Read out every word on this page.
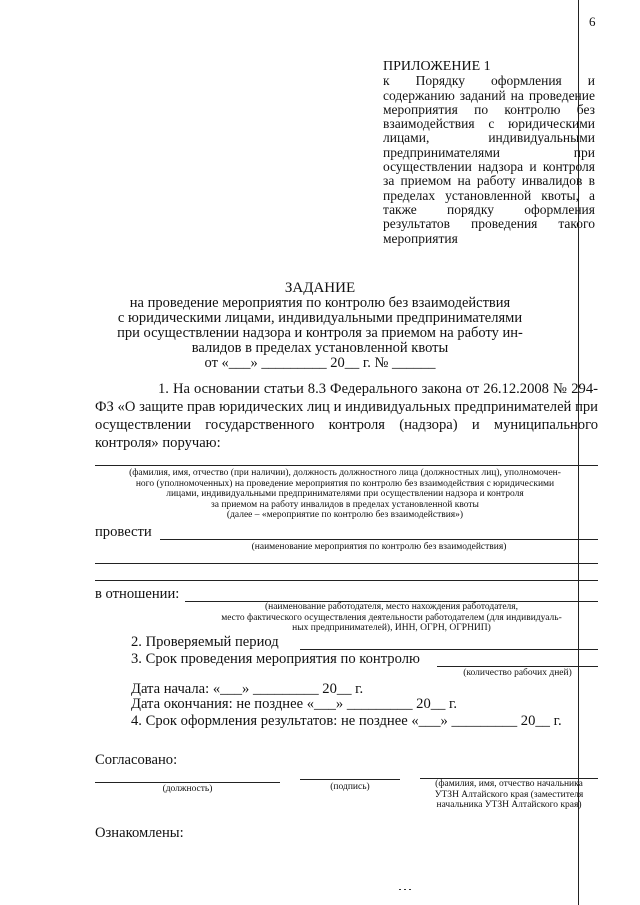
6
ПРИЛОЖЕНИЕ 1
к Порядку оформления и содержанию заданий на проведение мероприятия по контролю без взаимодействия с юридическими лицами, индивидуальными предпринимателями при осуществлении надзора и контроля за приемом на работу инвалидов в пределах установленной квоты, а также порядку оформления результатов проведения такого мероприятия
ЗАДАНИЕ
на проведение мероприятия по контролю без взаимодействия
с юридическими лицами, индивидуальными предпринимателями
при осуществлении надзора и контроля за приемом на работу ин-
валидов в пределах установленной квоты
от «___» _________ 20__ г. № ______
1. На основании статьи 8.3 Федерального закона от 26.12.2008 № 294-ФЗ «О защите прав юридических лиц и индивидуальных предпринимателей при осуществлении государственного контроля (надзора) и муниципального контроля» поручаю:
(фамилия, имя, отчество (при наличии), должность должностного лица (должностных лиц), уполномочен-
ного (уполномоченных) на проведение мероприятия по контролю без взаимодействия с юридическими
лицами, индивидуальными предпринимателями при осуществлении надзора и контроля
за приемом на работу инвалидов в пределах установленной квоты
(далее – «мероприятие по контролю без взаимодействия»)
провести
(наименование мероприятия по контролю без взаимодействия)
в отношении:
(наименование работодателя, место нахождения работодателя,
место фактического осуществления деятельности работодателем (для индивидуаль-
ных предпринимателей), ИНН, ОГРН, ОГРНИП)
2. Проверяемый период
3. Срок проведения мероприятия по контролю
(количество рабочих дней)
Дата начала: «___» _________ 20__ г.
Дата окончания: не позднее «___» _________ 20__ г.
4. Срок оформления результатов: не позднее «___» _________ 20__ г.
Согласовано:
(должность)	(подпись)	(фамилия, имя, отчество начальника
УТЗН Алтайского края (заместителя
начальника УТЗН Алтайского края)
Ознакомлены:
